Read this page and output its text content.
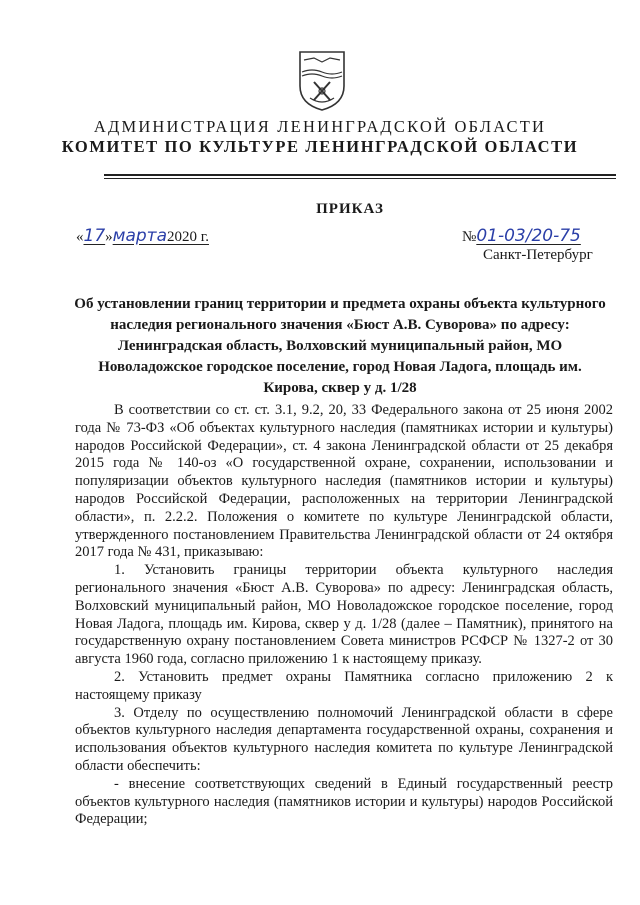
АДМИНИСТРАЦИЯ ЛЕНИНГРАДСКОЙ ОБЛАСТИ
КОМИТЕТ ПО КУЛЬТУРЕ ЛЕНИНГРАДСКОЙ ОБЛАСТИ
ПРИКАЗ
«17»марта2020 г.	№01-03/20-75
Санкт-Петербург
Об установлении границ территории и предмета охраны объекта культурного наследия регионального значения «Бюст А.В. Суворова» по адресу: Ленинградская область, Волховский муниципальный район, МО Новоладожское городское поселение, город Новая Ладога, площадь им. Кирова, сквер у д. 1/28

В соответствии со ст. ст. 3.1, 9.2, 20, 33 Федерального закона от 25 июня 2002 года № 73-ФЗ «Об объектах культурного наследия (памятниках истории и культуры) народов Российской Федерации», ст. 4 закона Ленинградской области от 25 декабря 2015 года № 140-оз «О государственной охране, сохранении, использовании и популяризации объектов культурного наследия (памятников истории и культуры) народов Российской Федерации, расположенных на территории Ленинградской области», п. 2.2.2. Положения о комитете по культуре Ленинградской области, утвержденного постановлением Правительства Ленинградской области от 24 октября 2017 года № 431, приказываю:

1. Установить границы территории объекта культурного наследия регионального значения «Бюст А.В. Суворова» по адресу: Ленинградская область, Волховский муниципальный район, МО Новоладожское городское поселение, город Новая Ладога, площадь им. Кирова, сквер у д. 1/28 (далее – Памятник), принятого на государственную охрану постановлением Совета министров РСФСР № 1327-2 от 30 августа 1960 года, согласно приложению 1 к настоящему приказу.

2. Установить предмет охраны Памятника согласно приложению 2 к настоящему приказу

3. Отделу по осуществлению полномочий Ленинградской области в сфере объектов культурного наследия департамента государственной охраны, сохранения и использования объектов культурного наследия комитета по культуре Ленинградской области обеспечить:

- внесение соответствующих сведений в Единый государственный реестр объектов культурного наследия (памятников истории и культуры) народов Российской Федерации;
